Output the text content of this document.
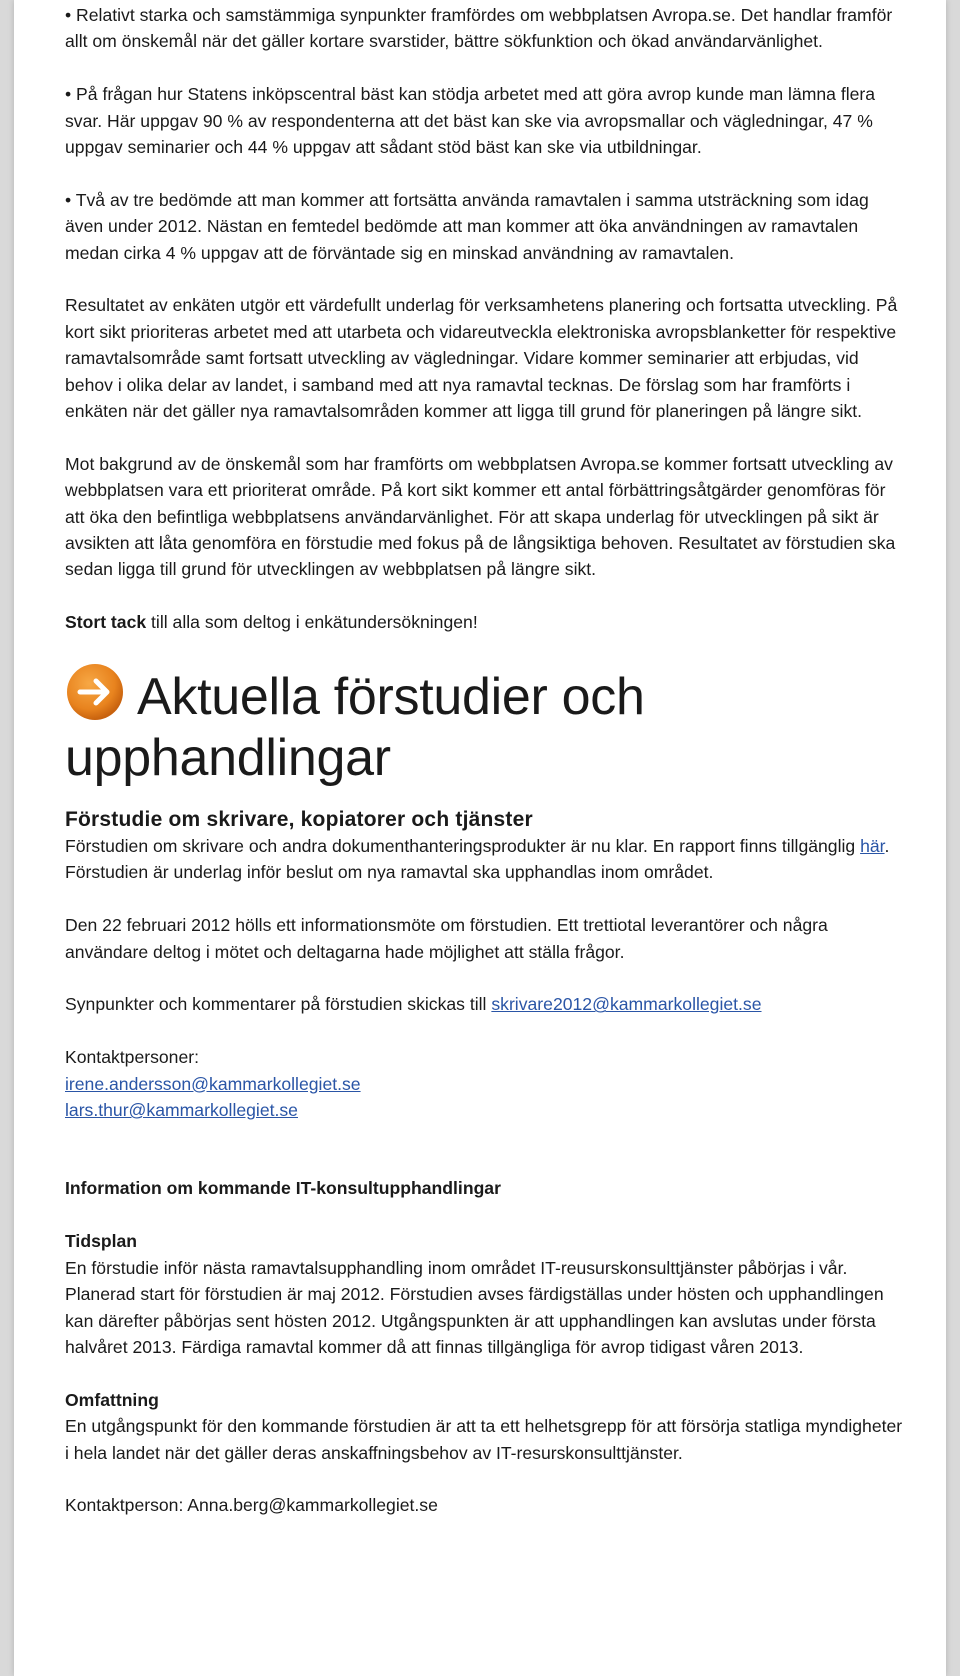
• Relativt starka och samstämmiga synpunkter framfördes om webbplatsen Avropa.se. Det handlar framför allt om önskemål när det gäller kortare svarstider, bättre sökfunktion och ökad användarvänlighet.

• På frågan hur Statens inköpscentral bäst kan stödja arbetet med att göra avrop kunde man lämna flera svar. Här uppgav 90 % av respondenterna att det bäst kan ske via avropsmallar och vägledningar, 47 % uppgav seminarier och 44 % uppgav att sådant stöd bäst kan ske via utbildningar.

• Två av tre bedömde att man kommer att fortsätta använda ramavtalen i samma utsträckning som idag även under 2012. Nästan en femtedel bedömde att man kommer att öka användningen av ramavtalen medan cirka 4 % uppgav att de förväntade sig en minskad användning av ramavtalen.

Resultatet av enkäten utgör ett värdefullt underlag för verksamhetens planering och fortsatta utveckling. På kort sikt prioriteras arbetet med att utarbeta och vidareutveckla elektroniska avropsblanketter för respektive ramavtalsområde samt fortsatt utveckling av vägledningar. Vidare kommer seminarier att erbjudas, vid behov i olika delar av landet, i samband med att nya ramavtal tecknas. De förslag som har framförts i enkäten när det gäller nya ramavtalsområden kommer att ligga till grund för planeringen på längre sikt.

Mot bakgrund av de önskemål som har framförts om webbplatsen Avropa.se kommer fortsatt utveckling av webbplatsen vara ett prioriterat område. På kort sikt kommer ett antal förbättringsåtgärder genomföras för att öka den befintliga webbplatsens användarvänlighet. För att skapa underlag för utvecklingen på sikt är avsikten att låta genomföra en förstudie med fokus på de långsiktiga behoven. Resultatet av förstudien ska sedan ligga till grund för utvecklingen av webbplatsen på längre sikt.

Stort tack till alla som deltog i enkätundersökningen!

Aktuella förstudier och upphandlingar
Förstudie om skrivare, kopiatorer och tjänster

Förstudien om skrivare och andra dokumenthanteringsprodukter är nu klar. En rapport finns tillgänglig här. Förstudien är underlag inför beslut om nya ramavtal ska upphandlas inom området.

Den 22 februari 2012 hölls ett informationsmöte om förstudien. Ett trettiotal leverantörer och några användare deltog i mötet och deltagarna hade möjlighet att ställa frågor.

Synpunkter och kommentarer på förstudien skickas till skrivare2012@kammarkollegiet.se

Kontaktpersoner:

irene.andersson@kammarkollegiet.se

lars.thur@kammarkollegiet.se

Information om kommande IT-konsultupphandlingar

Tidsplan

En förstudie inför nästa ramavtalsupphandling inom området IT-reusurskonsulttjänster påbörjas i vår. Planerad start för förstudien är maj 2012. Förstudien avses färdigställas under hösten och upphandlingen kan därefter påbörjas sent hösten 2012. Utgångspunkten är att upphandlingen kan avslutas under första halvåret 2013. Färdiga ramavtal kommer då att finnas tillgängliga för avrop tidigast våren 2013.

Omfattning

En utgångspunkt för den kommande förstudien är att ta ett helhetsgrepp för att försörja statliga myndigheter i hela landet när det gäller deras anskaffningsbehov av IT-resurskonsulttjänster.

Kontaktperson: Anna.berg@kammarkollegiet.se
